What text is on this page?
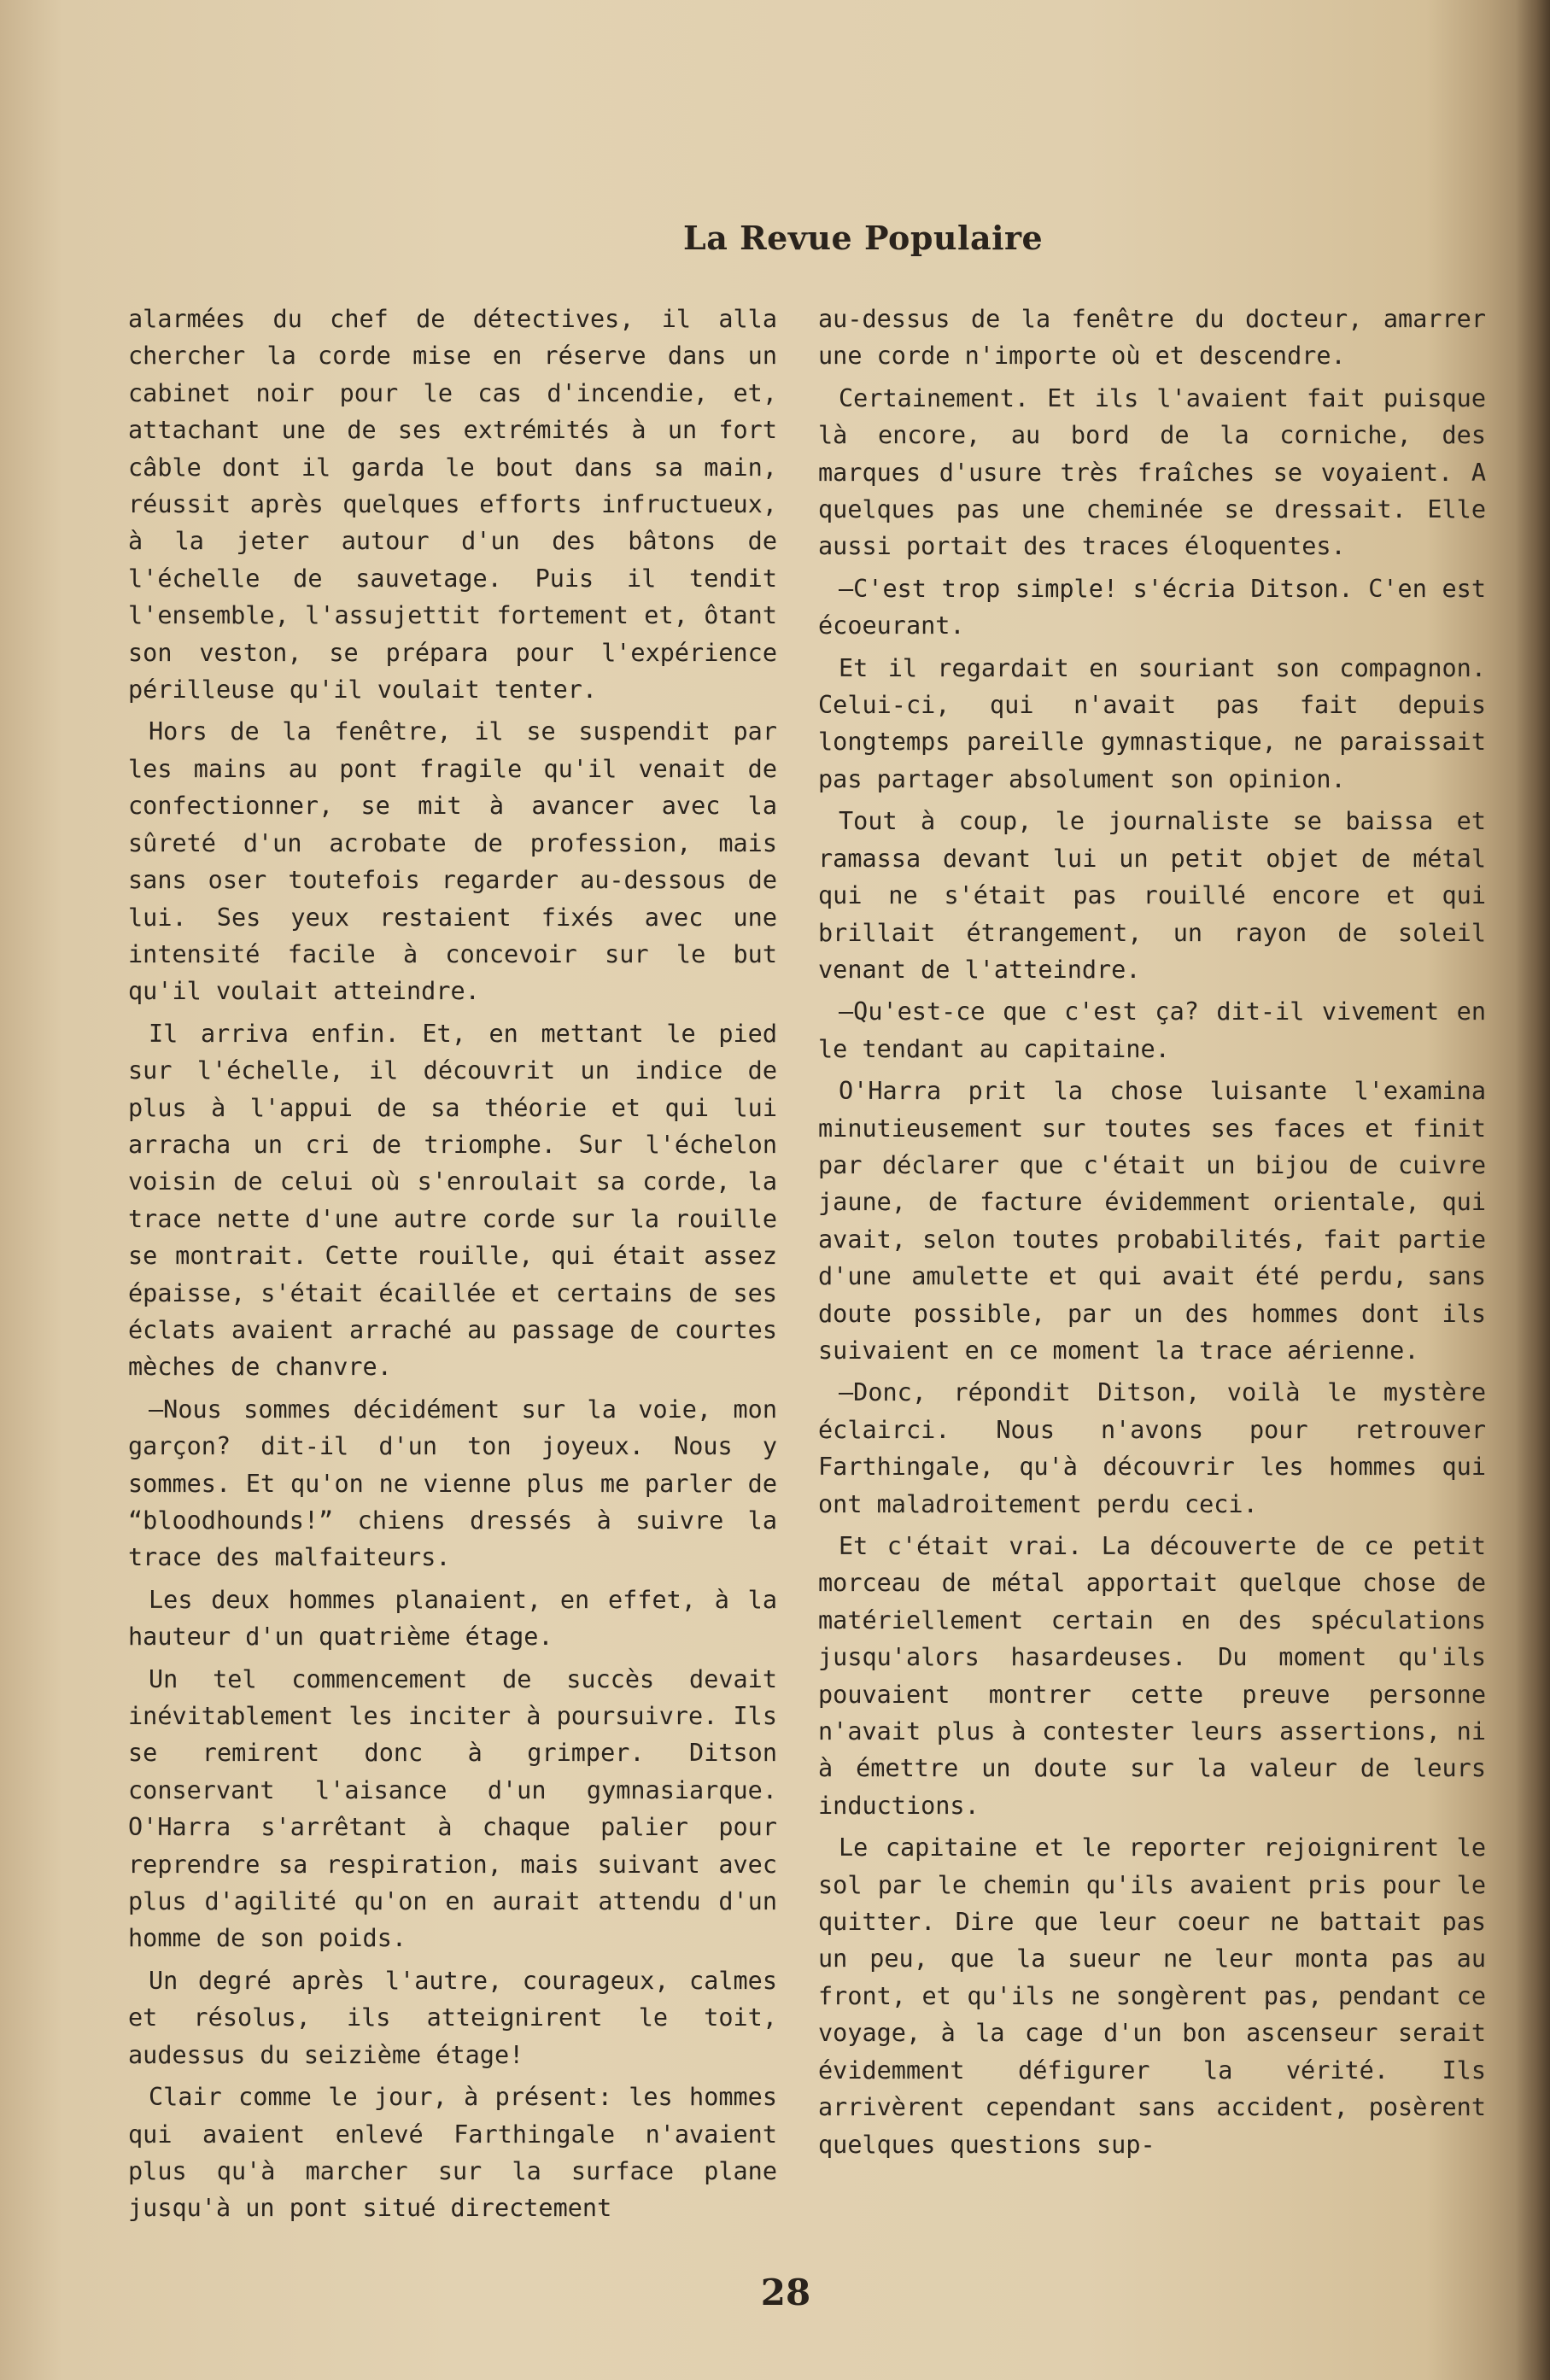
La Revue Populaire

alarmées du chef de détectives, il alla chercher la corde mise en réserve dans un cabinet noir pour le cas d'incendie, et, attachant une de ses extrémités à un fort câble dont il garda le bout dans sa main, réussit après quelques efforts infructueux, à la jeter autour d'un des bâtons de l'échelle de sauvetage. Puis il tendit l'ensemble, l'assujettit fortement et, ôtant son veston, se prépara pour l'expérience périlleuse qu'il voulait tenter.

Hors de la fenêtre, il se suspendit par les mains au pont fragile qu'il venait de confectionner, se mit à avancer avec la sûreté d'un acrobate de profession, mais sans oser toutefois regarder au-dessous de lui. Ses yeux restaient fixés avec une intensité facile à concevoir sur le but qu'il voulait atteindre.

Il arriva enfin. Et, en mettant le pied sur l'échelle, il découvrit un indice de plus à l'appui de sa théorie et qui lui arracha un cri de triomphe. Sur l'échelon voisin de celui où s'enroulait sa corde, la trace nette d'une autre corde sur la rouille se montrait. Cette rouille, qui était assez épaisse, s'était écaillée et certains de ses éclats avaient arraché au passage de courtes mèches de chanvre.

—Nous sommes décidément sur la voie, mon garçon? dit-il d'un ton joyeux. Nous y sommes. Et qu'on ne vienne plus me parler de “bloodhounds!” chiens dressés à suivre la trace des malfaiteurs.

Les deux hommes planaient, en effet, à la hauteur d'un quatrième étage.

Un tel commencement de succès devait inévitablement les inciter à poursuivre. Ils se remirent donc à grimper. Ditson conservant l'aisance d'un gymnasiarque. O'Harra s'arrêtant à chaque palier pour reprendre sa respiration, mais suivant avec plus d'agilité qu'on en aurait attendu d'un homme de son poids.

Un degré après l'autre, courageux, calmes et résolus, ils atteignirent le toit, audessus du seizième étage!

Clair comme le jour, à présent: les hommes qui avaient enlevé Farthingale n'avaient plus qu'à marcher sur la surface plane jusqu'à un pont situé directement

au-dessus de la fenêtre du docteur, amarrer une corde n'importe où et descendre.

Certainement. Et ils l'avaient fait puisque là encore, au bord de la corniche, des marques d'usure très fraîches se voyaient. A quelques pas une cheminée se dressait. Elle aussi portait des traces éloquentes.

—C'est trop simple! s'écria Ditson. C'en est écoeurant.

Et il regardait en souriant son compagnon. Celui-ci, qui n'avait pas fait depuis longtemps pareille gymnastique, ne paraissait pas partager absolument son opinion.

Tout à coup, le journaliste se baissa et ramassa devant lui un petit objet de métal qui ne s'était pas rouillé encore et qui brillait étrangement, un rayon de soleil venant de l'atteindre.

—Qu'est-ce que c'est ça? dit-il vivement en le tendant au capitaine.

O'Harra prit la chose luisante l'examina minutieusement sur toutes ses faces et finit par déclarer que c'était un bijou de cuivre jaune, de facture évidemment orientale, qui avait, selon toutes probabilités, fait partie d'une amulette et qui avait été perdu, sans doute possible, par un des hommes dont ils suivaient en ce moment la trace aérienne.

—Donc, répondit Ditson, voilà le mystère éclairci. Nous n'avons pour retrouver Farthingale, qu'à découvrir les hommes qui ont maladroitement perdu ceci.

Et c'était vrai. La découverte de ce petit morceau de métal apportait quelque chose de matériellement certain en des spéculations jusqu'alors hasardeuses. Du moment qu'ils pouvaient montrer cette preuve personne n'avait plus à contester leurs assertions, ni à émettre un doute sur la valeur de leurs inductions.

Le capitaine et le reporter rejoignirent le sol par le chemin qu'ils avaient pris pour le quitter. Dire que leur coeur ne battait pas un peu, que la sueur ne leur monta pas au front, et qu'ils ne songèrent pas, pendant ce voyage, à la cage d'un bon ascenseur serait évidemment défigurer la vérité. Ils arrivèrent cependant sans accident, posèrent quelques questions sup-

28
